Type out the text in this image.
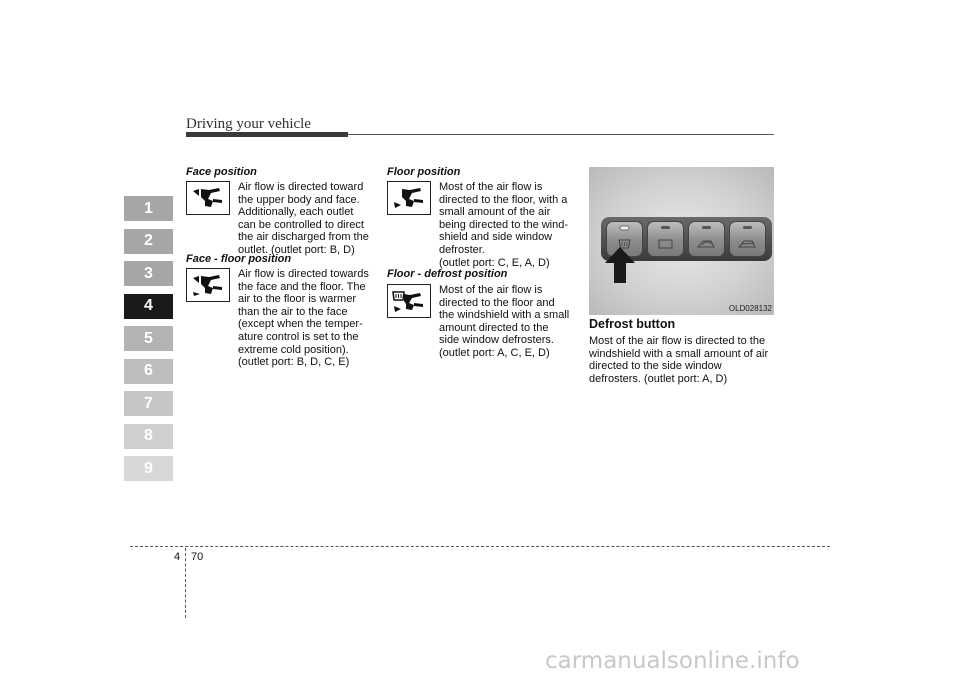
Driving your vehicle
1
2
3
4
5
6
7
8
9
Face position
Air flow is directed toward
the upper body and face.
Additionally, each outlet
can be controlled to direct
the air discharged from the
outlet. (outlet port: B, D)
Face - floor position
Air flow is directed towards
the face and the floor. The
air to the floor is warmer
than the air to the face
(except when the temper-
ature control is set to the
extreme cold position).
(outlet port: B, D, C, E)
Floor position
Most of the air flow is
directed to the floor, with a
small amount of the air
being directed to the wind-
shield and side window
defroster.
(outlet port: C, E, A, D)
Floor - defrost position
Most of the air flow is
directed to the floor and
the windshield with a small
amount directed to the
side window defrosters.
(outlet port: A, C, E, D)
OLD028132
Defrost button
Most of the air flow is directed to the
windshield with a small amount of air
directed to the side window
defrosters. (outlet port: A, D)
4 70
carmanualsonline.info
